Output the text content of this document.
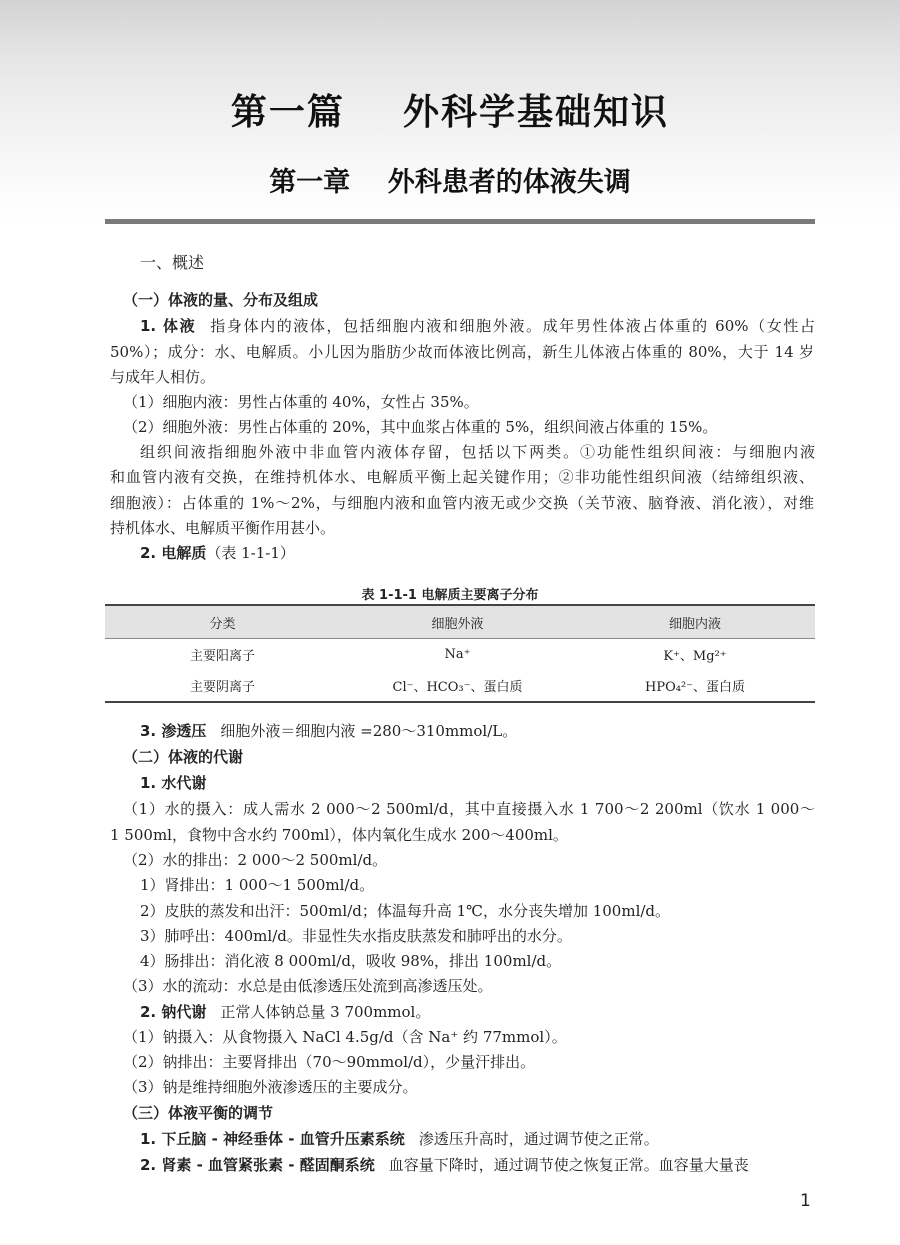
第一篇    外科学基础知识
第一章    外科患者的体液失调
一、概述
（一）体液的量、分布及组成
1. 体液 指身体内的液体，包括细胞内液和细胞外液。成年男性体液占体重的 60%（女性占
50%）；成分：水、电解质。小儿因为脂肪少故而体液比例高，新生儿体液占体重的 80%，大于 14 岁
与成年人相仿。
（1）细胞内液：男性占体重的 40%，女性占 35%。
（2）细胞外液：男性占体重的 20%，其中血浆占体重的 5%，组织间液占体重的 15%。
组织间液指细胞外液中非血管内液体存留，包括以下两类。①功能性组织间液：与细胞内液
和血管内液有交换，在维持机体水、电解质平衡上起关键作用；②非功能性组织间液（结缔组织液、
细胞液）：占体重的 1%～2%，与细胞内液和血管内液无或少交换（关节液、脑脊液、消化液），对维
持机体水、电解质平衡作用甚小。
2. 电解质（表 1-1-1）
表 1-1-1 电解质主要离子分布
分类	细胞外液	细胞内液
主要阳离子	Na⁺	K⁺、Mg²⁺
主要阴离子	Cl⁻、HCO₃⁻、蛋白质	HPO₄²⁻、蛋白质
3. 渗透压 细胞外液＝细胞内液 =280～310mmol/L。
（二）体液的代谢
1. 水代谢
（1）水的摄入：成人需水 2 000～2 500ml/d，其中直接摄入水 1 700～2 200ml（饮水 1 000～
1 500ml，食物中含水约 700ml），体内氧化生成水 200～400ml。
（2）水的排出：2 000～2 500ml/d。
1）肾排出：1 000～1 500ml/d。
2）皮肤的蒸发和出汗：500ml/d；体温每升高 1℃，水分丧失增加 100ml/d。
3）肺呼出：400ml/d。非显性失水指皮肤蒸发和肺呼出的水分。
4）肠排出：消化液 8 000ml/d，吸收 98%，排出 100ml/d。
（3）水的流动：水总是由低渗透压处流到高渗透压处。
2. 钠代谢 正常人体钠总量 3 700mmol。
（1）钠摄入：从食物摄入 NaCl 4.5g/d（含 Na⁺ 约 77mmol）。
（2）钠排出：主要肾排出（70～90mmol/d），少量汗排出。
（3）钠是维持细胞外液渗透压的主要成分。
（三）体液平衡的调节
1. 下丘脑 - 神经垂体 - 血管升压素系统 渗透压升高时，通过调节使之正常。
2. 肾素 - 血管紧张素 - 醛固酮系统 血容量下降时，通过调节使之恢复正常。血容量大量丧
1
